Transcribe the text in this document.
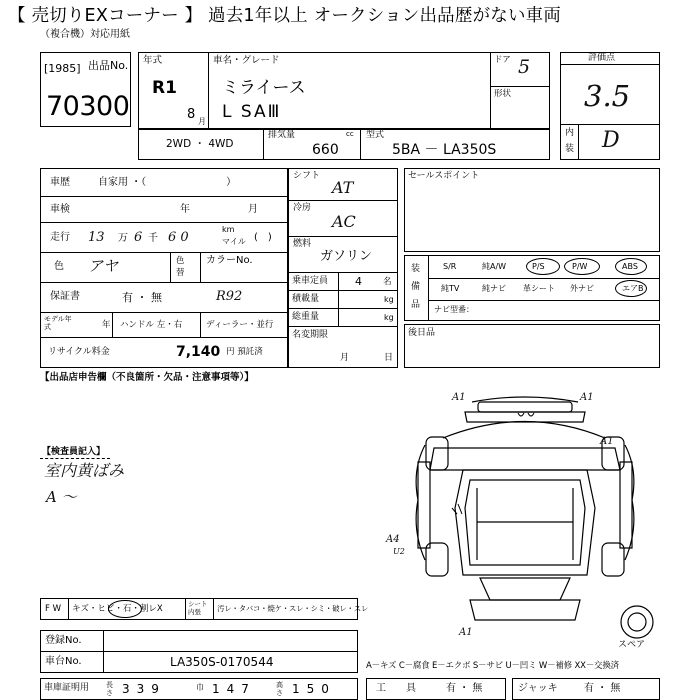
【 売切りEXコーナー 】 過去1年以上 オークション出品歴がない車両
（複合機）対応用紙
[1985] 出品No.
70300
年式
R1
8 月
車名・グレード
ミライース
L SAⅢ
ドア 5
形状
評価点
3.5
内
装 D
2WD ・ 4WD
排気量	cc
660
型式
5BA － LA350S
車歴	自家用 ・（　　　　　　　　）
車検	年	月
走行 13 万 6 千 6 0
km
マイル (　)
色 アヤ	色
替
カラーNo.
保証書	有 ・ 無	R92
モデル年式	年 ハンドル 左・右	ディーラー・並行
リサイクル料金	7,140 円 預託済
シフト
AT
冷房
AC
燃料
ガソリン
乗車定員 4 名
積載量	kg
総重量	kg
名変期限
月	日
セールスポイント
装
備
品
S/R	純A/W	P/S	P/W	ABS
純TV	純ナビ 革シート 外ナビ	エアB
ナビ型番：
後日品
【出品店申告欄（不良箇所・欠品・注意事項等）】
【検査員記入】
室内黄ばみ
A ～
A1	A1
A1
A4
U2
A1
スペア
F W キズ・ヒビ・石・割レX	シート内張	汚レ・タバコ・焼ケ・スレ・シミ・破レ・スレ
登録No.
車台No.	LA350S-0170544
車庫証明用 長さ 339	巾 147	高さ 150
A－キズ C－腐食 E－エクボ S－サビ U－凹ミ W－補修 XX－交換済
工　　具	有 ・ 無	ジャッキ	有 ・ 無
